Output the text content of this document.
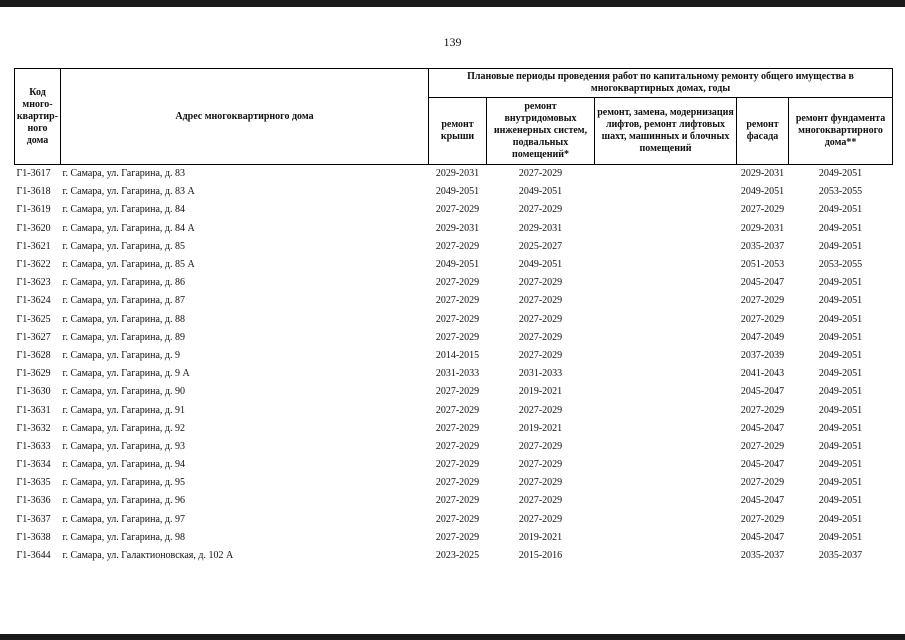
139
Код много-квартир-ного дома	Адрес многоквартирного дома	Плановые периоды проведения работ по капитальному ремонту общего имущества в многоквартирных домах, годы				
		ремонт крыши	ремонт внутридомовых инженерных систем, подвальных помещений*	ремонт, замена, модернизация лифтов, ремонт лифтовых шахт, машинных и блочных помещений	ремонт фасада	ремонт фундамента многоквартирного дома**
Г1-3617	г. Самара, ул. Гагарина, д. 83	2029-2031	2027-2029		2029-2031	2049-2051
Г1-3618	г. Самара, ул. Гагарина, д. 83 А	2049-2051	2049-2051		2049-2051	2053-2055
Г1-3619	г. Самара, ул. Гагарина, д. 84	2027-2029	2027-2029		2027-2029	2049-2051
Г1-3620	г. Самара, ул. Гагарина, д. 84 А	2029-2031	2029-2031		2029-2031	2049-2051
Г1-3621	г. Самара, ул. Гагарина, д. 85	2027-2029	2025-2027		2035-2037	2049-2051
Г1-3622	г. Самара, ул. Гагарина, д. 85 А	2049-2051	2049-2051		2051-2053	2053-2055
Г1-3623	г. Самара, ул. Гагарина, д. 86	2027-2029	2027-2029		2045-2047	2049-2051
Г1-3624	г. Самара, ул. Гагарина, д. 87	2027-2029	2027-2029		2027-2029	2049-2051
Г1-3625	г. Самара, ул. Гагарина, д. 88	2027-2029	2027-2029		2027-2029	2049-2051
Г1-3627	г. Самара, ул. Гагарина, д. 89	2027-2029	2027-2029		2047-2049	2049-2051
Г1-3628	г. Самара, ул. Гагарина, д. 9	2014-2015	2027-2029		2037-2039	2049-2051
Г1-3629	г. Самара, ул. Гагарина, д. 9 А	2031-2033	2031-2033		2041-2043	2049-2051
Г1-3630	г. Самара, ул. Гагарина, д. 90	2027-2029	2019-2021		2045-2047	2049-2051
Г1-3631	г. Самара, ул. Гагарина, д. 91	2027-2029	2027-2029		2027-2029	2049-2051
Г1-3632	г. Самара, ул. Гагарина, д. 92	2027-2029	2019-2021		2045-2047	2049-2051
Г1-3633	г. Самара, ул. Гагарина, д. 93	2027-2029	2027-2029		2027-2029	2049-2051
Г1-3634	г. Самара, ул. Гагарина, д. 94	2027-2029	2027-2029		2045-2047	2049-2051
Г1-3635	г. Самара, ул. Гагарина, д. 95	2027-2029	2027-2029		2027-2029	2049-2051
Г1-3636	г. Самара, ул. Гагарина, д. 96	2027-2029	2027-2029		2045-2047	2049-2051
Г1-3637	г. Самара, ул. Гагарина, д. 97	2027-2029	2027-2029		2027-2029	2049-2051
Г1-3638	г. Самара, ул. Гагарина, д. 98	2027-2029	2019-2021		2045-2047	2049-2051
Г1-3644	г. Самара, ул. Галактионовская, д. 102 А	2023-2025	2015-2016		2035-2037	2035-2037
